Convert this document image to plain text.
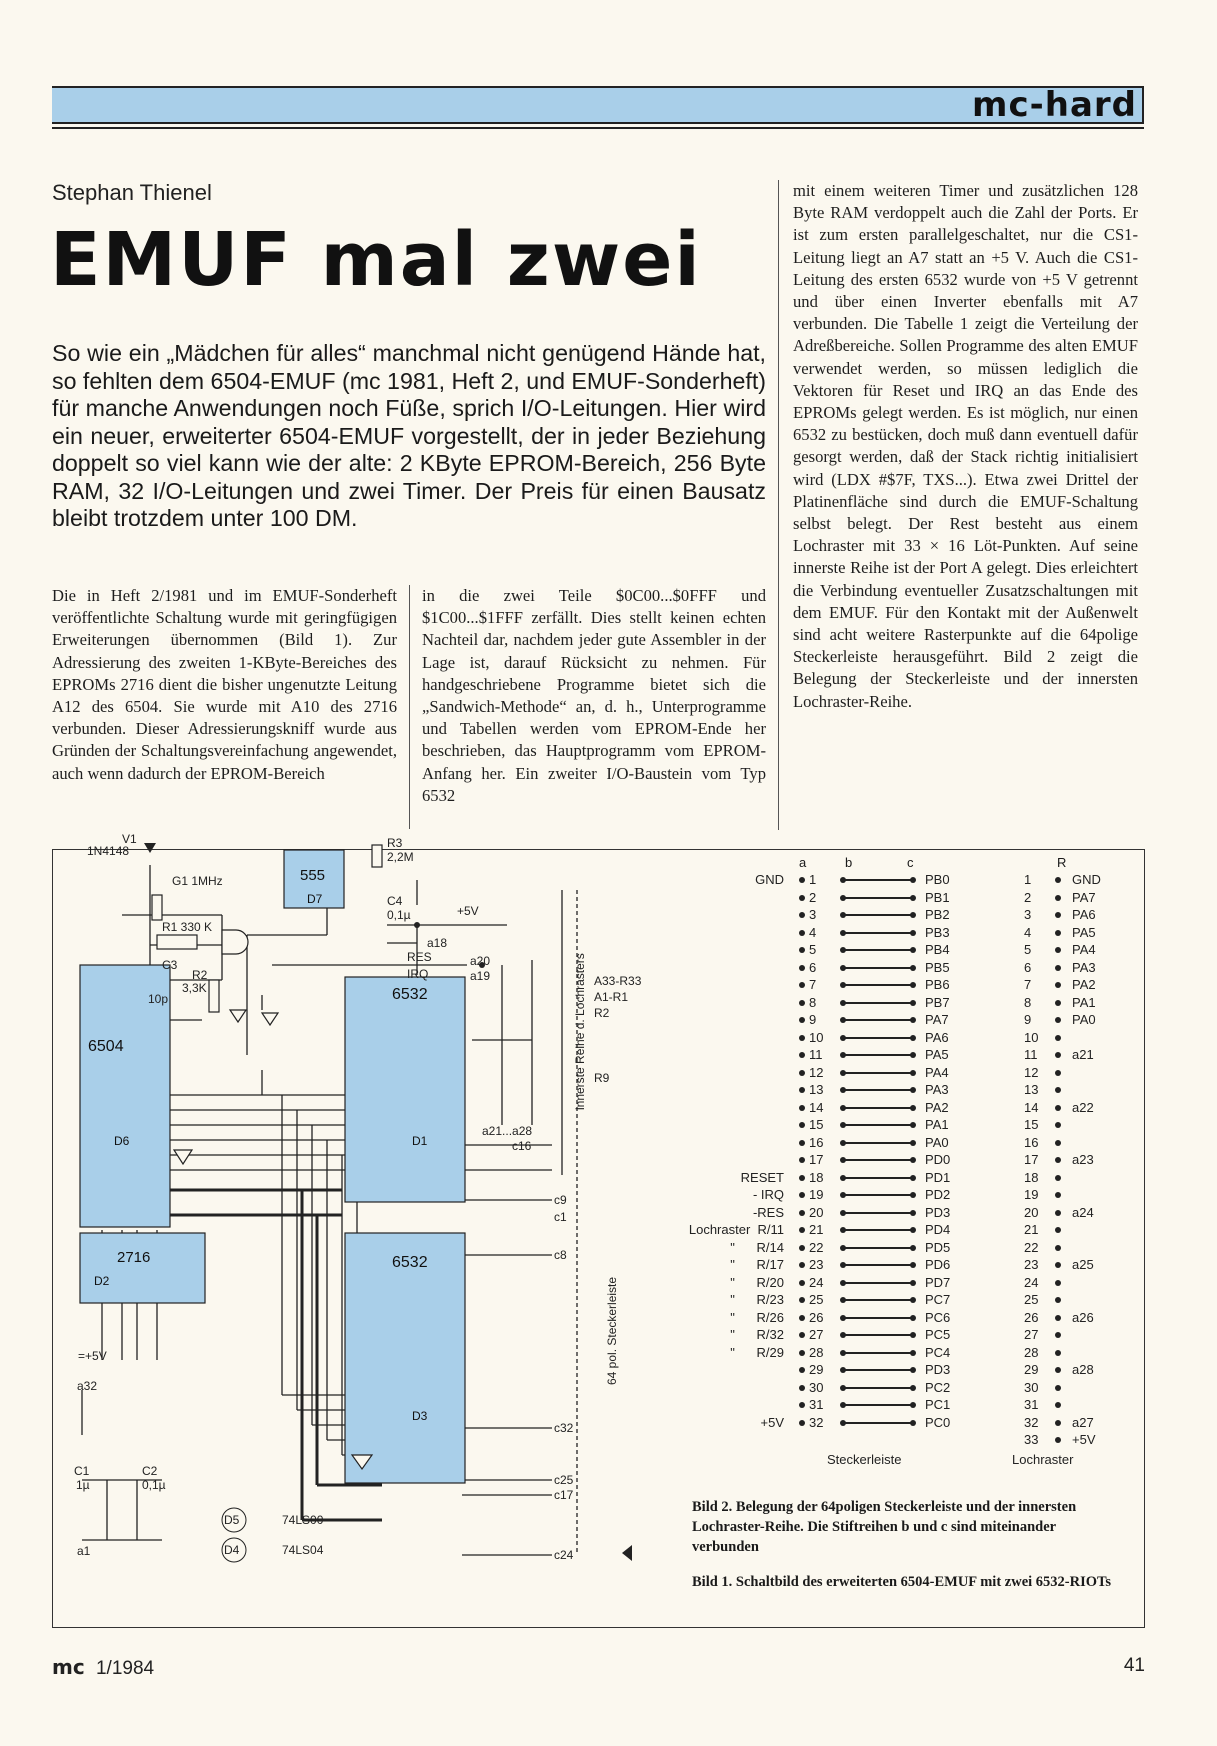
mc-hard
Stephan Thienel
EMUF mal zwei
So wie ein „Mädchen für alles“ manchmal nicht genügend Hände hat, so fehlten dem 6504-EMUF (mc 1981, Heft 2, und EMUF-Sonderheft) für manche Anwendungen noch Füße, sprich I/O-Leitungen. Hier wird ein neuer, erweiterter 6504-EMUF vorgestellt, der in jeder Beziehung doppelt so viel kann wie der alte: 2 KByte EPROM-Bereich, 256 Byte RAM, 32 I/O-Leitungen und zwei Timer. Der Preis für einen Bausatz bleibt trotzdem unter 100 DM.
Die in Heft 2/1981 und im EMUF-Sonderheft veröffentlichte Schaltung wurde mit geringfügigen Erweiterungen übernommen (Bild 1). Zur Adressierung des zweiten 1-KByte-Bereiches des EPROMs 2716 dient die bisher ungenutzte Leitung A12 des 6504. Sie wurde mit A10 des 2716 verbunden. Dieser Adressierungskniff wurde aus Gründen der Schaltungsvereinfachung angewendet, auch wenn dadurch der EPROM-Bereich
in die zwei Teile $0C00...$0FFF und $1C00...$1FFF zerfällt. Dies stellt keinen echten Nachteil dar, nachdem jeder gute Assembler in der Lage ist, darauf Rücksicht zu nehmen. Für handgeschriebene Programme bietet sich die „Sandwich-Methode“ an, d. h., Unterprogramme und Tabellen werden vom EPROM-Ende her beschrieben, das Hauptprogramm vom EPROM-Anfang her. Ein zweiter I/O-Baustein vom Typ 6532
mit einem weiteren Timer und zusätzlichen 128 Byte RAM verdoppelt auch die Zahl der Ports. Er ist zum ersten parallelgeschaltet, nur die CS1-Leitung liegt an A7 statt an +5 V. Auch die CS1-Leitung des ersten 6532 wurde von +5 V getrennt und über einen Inverter ebenfalls mit A7 verbunden. Die Tabelle 1 zeigt die Verteilung der Adreßbereiche. Sollen Programme des alten EMUF verwendet werden, so müssen lediglich die Vektoren für Reset und IRQ an das Ende des EPROMs gelegt werden. Es ist möglich, nur einen 6532 zu bestücken, doch muß dann eventuell dafür gesorgt werden, daß der Stack richtig initialisiert wird (LDX #$7F, TXS...). Etwa zwei Drittel der Platinenfläche sind durch die EMUF-Schaltung selbst belegt. Der Rest besteht aus einem Lochraster mit 33 × 16 Löt-Punkten. Auf seine innerste Reihe ist der Port A gelegt. Dies erleichtert die Verbindung eventueller Zusatzschaltungen mit dem EMUF. Für den Kontakt mit der Außenwelt sind acht weitere Rasterpunkte auf die 64polige Steckerleiste herausgeführt. Bild 2 zeigt die Belegung der Steckerleiste und der innersten Lochraster-Reihe.
6504
D6
6532
D1
6532
D3
2716
D2
555
D7
V1
1N4148
G1 1MHz
R1 330 K
C3
10p
R2
3,3K
R3
2,2M
C4
0,1µ
C1
1µ
C2
0,1µ
RES
IRQ
+5V
a18
a20
a19
a21...a28
c16
c9
c1
c8
c32
c25
c17
c24
A33-R33
A1-R1
R2
R9
a32
a1
=+5V
innerste Reihe d. Lochrasters
64 pol. Steckerleiste
D5	74LS00
D4	74LS04
a	b	c	R
GND 1	PB0	1	GND
2	PB1	2	PA7
3	PB2	3	PA6
4	PB3	4	PA5
5	PB4	5	PA4
6	PB5	6	PA3
7	PB6	7	PA2
8	PB7	8	PA1
9	PA7	9	PA0
10	PA6	10
11	PA5	11	a21
12	PA4	12
13	PA3	13
14	PA2	14	a22
15	PA1	15
16	PA0	16
17	PD0	17	a23
RESET 18	PD1	18
- IRQ 19	PD2	19
-RES 20	PD3	20	a24
Lochraster  R/11 21	PD4	21
"      R/14 22	PD5	22
"      R/17 23	PD6	23	a25
"      R/20 24	PD7	24
"      R/23 25	PC7	25
"      R/26 26	PC6	26	a26
"      R/32 27	PC5	27
"      R/29 28	PC4	28
29	PD3	29	a28
30	PC2	30
31	PC1	31
+5V 32	PC0	32	a27
33	+5V
Steckerleiste	Lochraster
Bild 2. Belegung der 64poligen Steckerleiste und der innersten Lochraster-Reihe. Die Stiftreihen b und c sind miteinander verbunden
Bild 1. Schaltbild des erweiterten 6504-EMUF mit zwei 6532-RIOTs
mc 1/1984	41
